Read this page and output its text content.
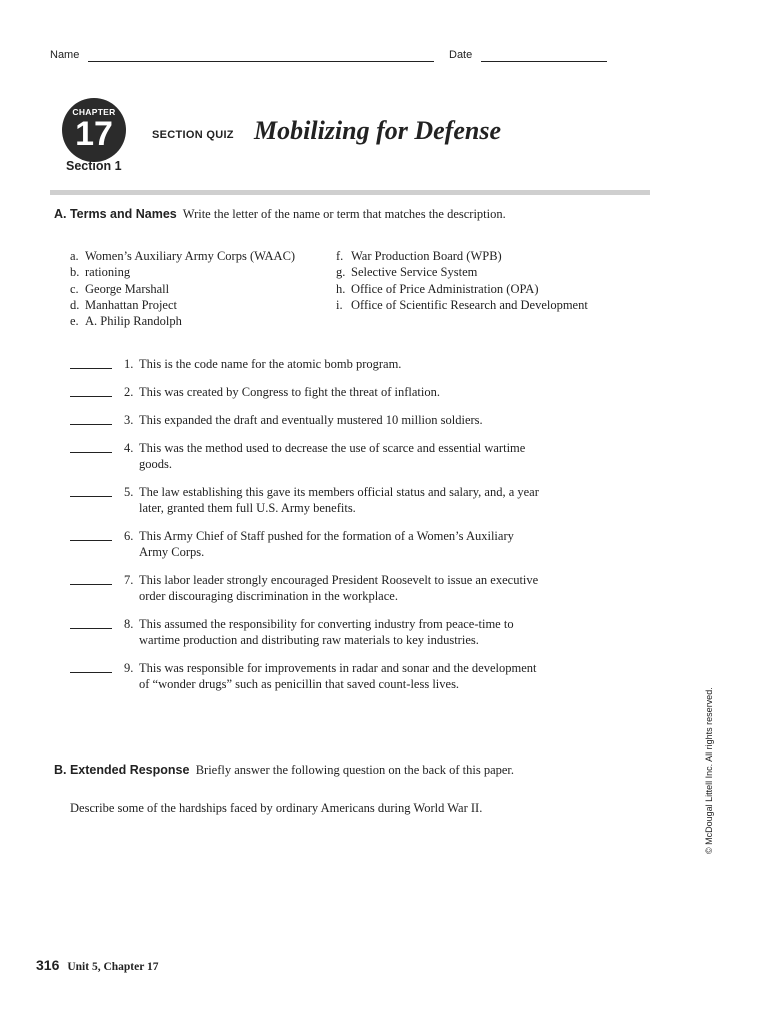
Name	Date
CHAPTER
17
Section 1
SECTION QUIZ Mobilizing for Defense
A. Terms and Names Write the letter of the name or term that matches the description.
a. Women’s Auxiliary Army Corps (WAAC)
b. rationing
c. George Marshall
d. Manhattan Project
e. A. Philip Randolph
f. War Production Board (WPB)
g. Selective Service System
h. Office of Price Administration (OPA)
i. Office of Scientific Research and Development
1. This is the code name for the atomic bomb program.
2. This was created by Congress to fight the threat of inflation.
3. This expanded the draft and eventually mustered 10 million soldiers.
4. This was the method used to decrease the use of scarce and essential wartime goods.
5. The law establishing this gave its members official status and salary, and, a year later, granted them full U.S. Army benefits.
6. This Army Chief of Staff pushed for the formation of a Women’s Auxiliary Army Corps.
7. This labor leader strongly encouraged President Roosevelt to issue an executive order discouraging discrimination in the workplace.
8. This assumed the responsibility for converting industry from peace-time to wartime production and distributing raw materials to key industries.
9. This was responsible for improvements in radar and sonar and the development of “wonder drugs” such as penicillin that saved count-less lives.
B. Extended Response Briefly answer the following question on the back of this paper.
Describe some of the hardships faced by ordinary Americans during World War II.	© McDougal Littell Inc. All rights reserved.
316 Unit 5, Chapter 17
